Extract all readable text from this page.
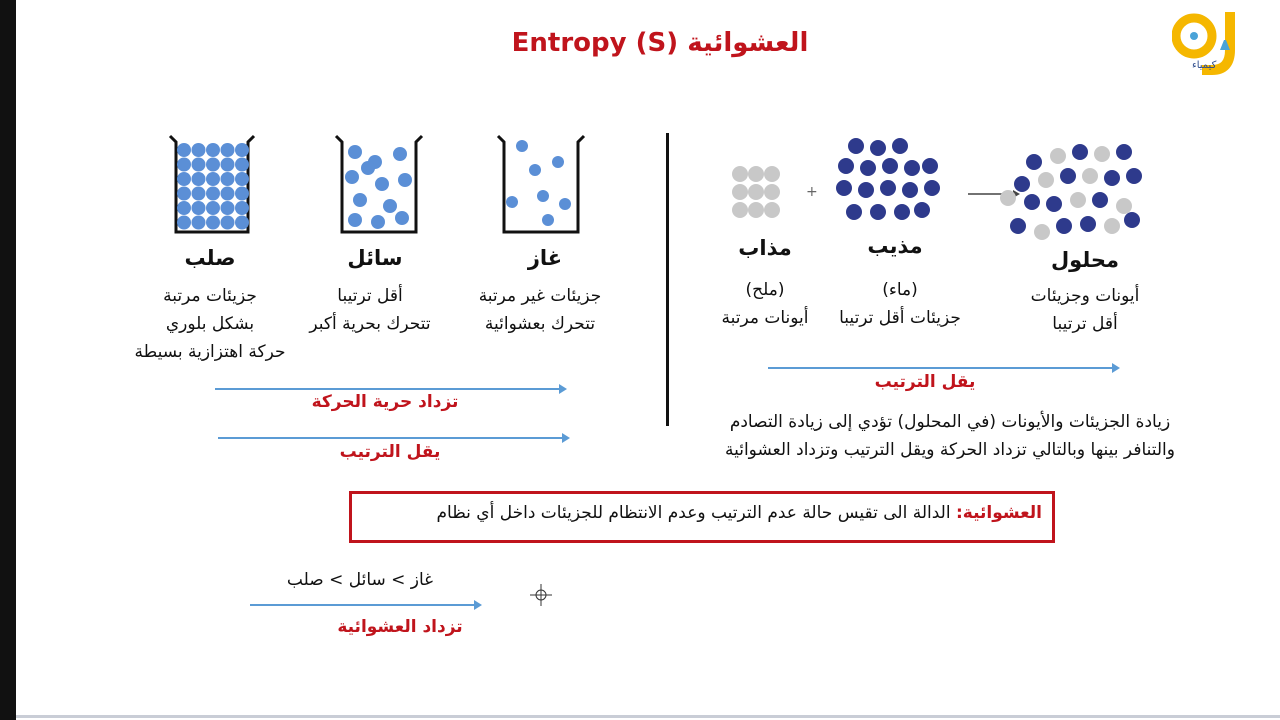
Entropy (S) العشوائية
كيمياء
صلب
جزيئات مرتبة
بشكل بلوري
حركة اهتزازية بسيطة
سائل
أقل ترتيبا
تتحرك بحرية أكبر
غاز
جزيئات غير مرتبة
تتحرك بعشوائية
تزداد حرية الحركة
يقل الترتيب
+
مذاب
(ملح)
أيونات مرتبة
مذيب
(ماء)
جزيئات أقل ترتيبا
محلول
أيونات وجزيئات
أقل ترتيبا
يقل الترتيب
زيادة الجزيئات والأيونات (في المحلول) تؤدي إلى زيادة التصادم
والتنافر بينها وبالتالي تزداد الحركة ويقل الترتيب وتزداد العشوائية
العشوائية: الدالة الى تقيس حالة عدم الترتيب وعدم الانتظام للجزيئات داخل أي نظام
غاز > سائل > صلب
تزداد العشوائية
